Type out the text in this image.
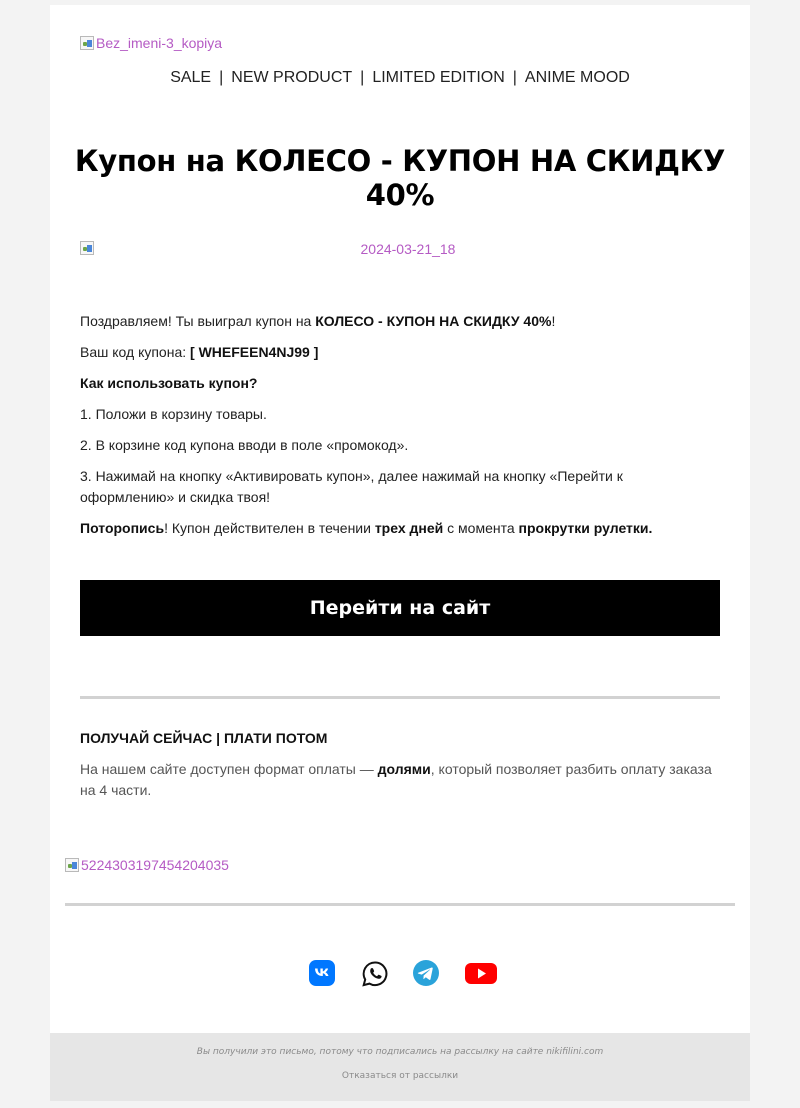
Bez_imeni-3_kopiya
SALE | NEW PRODUCT | LIMITED EDITION | ANIME MOOD
Купон на КОЛЕСО - КУПОН НА СКИДКУ 40%
2024-03-21_18
Поздравляем! Ты выиграл купон на КОЛЕСО - КУПОН НА СКИДКУ 40%!
Ваш код купона: [ WHEFEEN4NJ99 ]
Как использовать купон?
1. Положи в корзину товары.
2. В корзине код купона вводи в поле «промокод».
3. Нажимай на кнопку «Активировать купон», далее нажимай на кнопку «Перейти к оформлению» и скидка твоя!
Поторопись! Купон действителен в течении трех дней с момента прокрутки рулетки.
Перейти на сайт
ПОЛУЧАЙ СЕЙЧАС | ПЛАТИ ПОТОМ
На нашем сайте доступен формат оплаты — долями, который позволяет разбить оплату заказа на 4 части.
5224303197454204035
Вы получили это письмо, потому что подписались на рассылку на сайте nikifilini.com
Отказаться от рассылки
